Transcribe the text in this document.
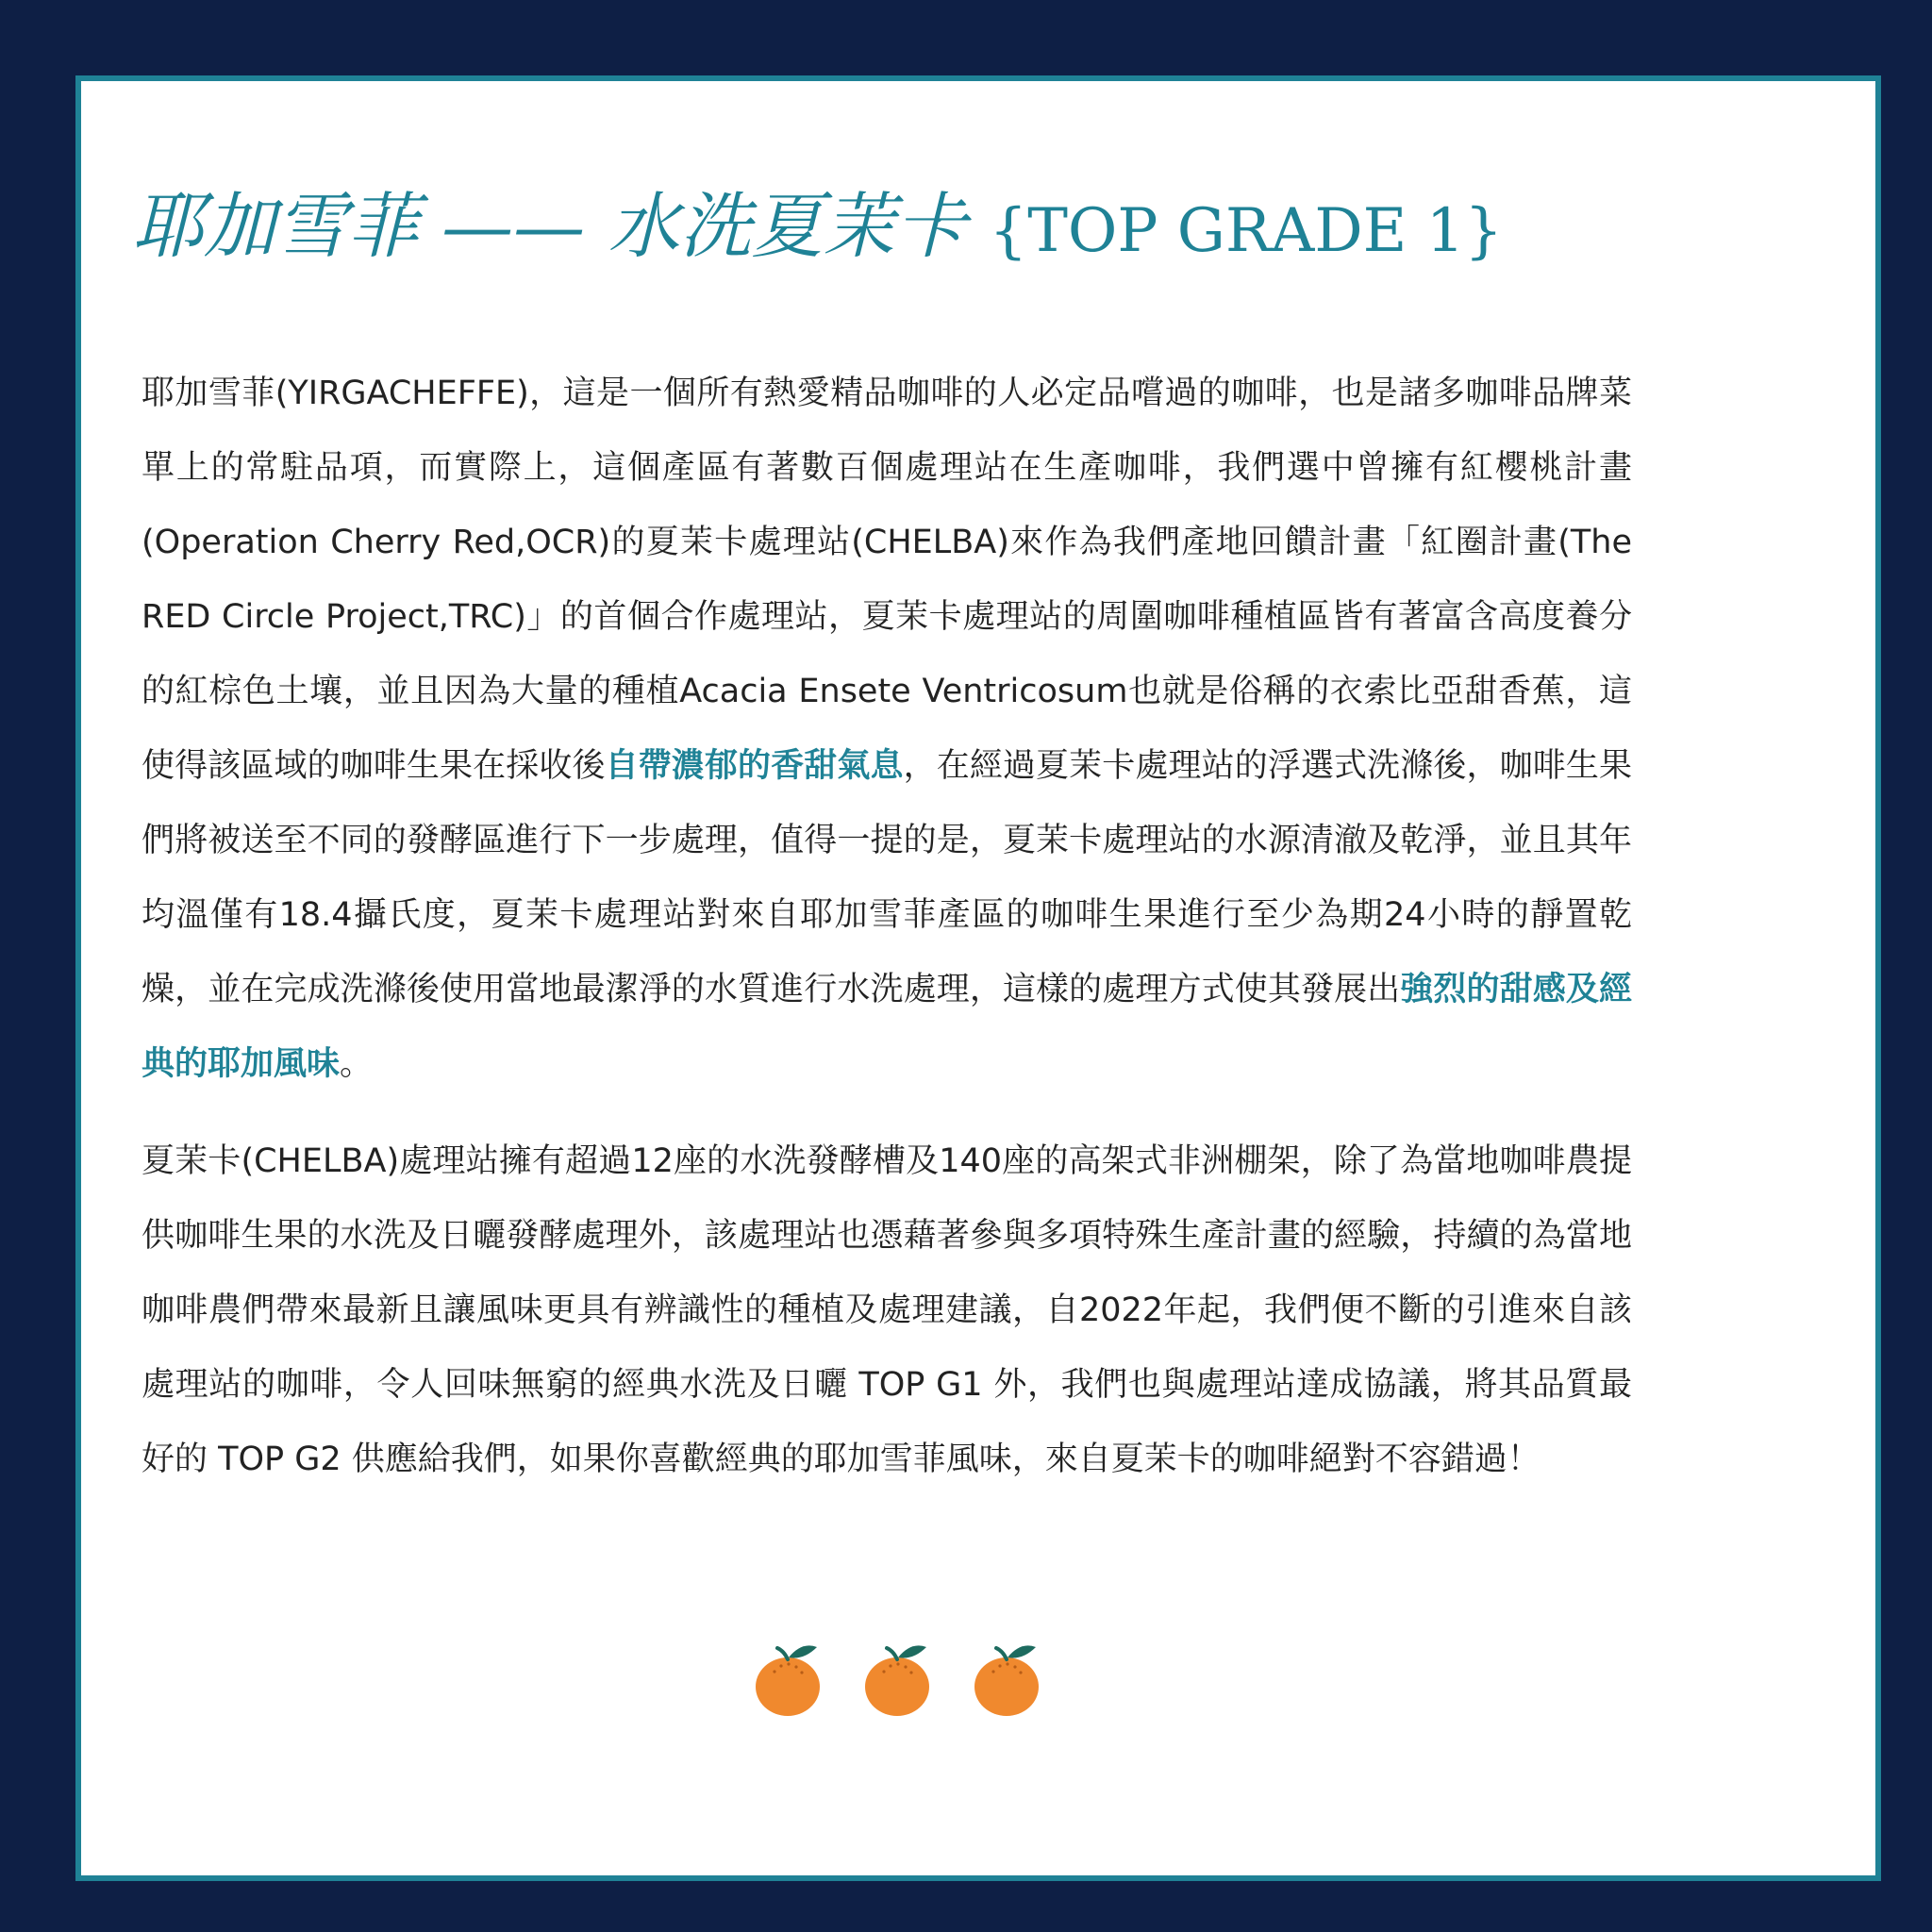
耶加雪菲 —— 水洗夏茉卡 {TOP GRADE 1}

耶加雪菲(YIRGACHEFFE)，這是一個所有熱愛精品咖啡的人必定品嚐過的咖啡，也是諸多咖啡品牌菜單上的常駐品項，而實際上，這個產區有著數百個處理站在生產咖啡，我們選中曾擁有紅櫻桃計畫(Operation Cherry Red,OCR)的夏茉卡處理站(CHELBA)來作為我們產地回饋計畫「紅圈計畫(The RED Circle Project,TRC)」的首個合作處理站，夏茉卡處理站的周圍咖啡種植區皆有著富含高度養分的紅棕色土壤，並且因為大量的種植Acacia Ensete Ventricosum也就是俗稱的衣索比亞甜香蕉，這使得該區域的咖啡生果在採收後自帶濃郁的香甜氣息，在經過夏茉卡處理站的浮選式洗滌後，咖啡生果們將被送至不同的發酵區進行下一步處理，值得一提的是，夏茉卡處理站的水源清澈及乾淨，並且其年均溫僅有18.4攝氏度，夏茉卡處理站對來自耶加雪菲產區的咖啡生果進行至少為期24小時的靜置乾燥，並在完成洗滌後使用當地最潔淨的水質進行水洗處理，這樣的處理方式使其發展出強烈的甜感及經典的耶加風味。

夏茉卡(CHELBA)處理站擁有超過12座的水洗發酵槽及140座的高架式非洲棚架，除了為當地咖啡農提供咖啡生果的水洗及日曬發酵處理外，該處理站也憑藉著參與多項特殊生產計畫的經驗，持續的為當地咖啡農們帶來最新且讓風味更具有辨識性的種植及處理建議，自2022年起，我們便不斷的引進來自該處理站的咖啡，令人回味無窮的經典水洗及日曬 TOP G1 外，我們也與處理站達成協議，將其品質最好的 TOP G2 供應給我們，如果你喜歡經典的耶加雪菲風味，來自夏茉卡的咖啡絕對不容錯過！
